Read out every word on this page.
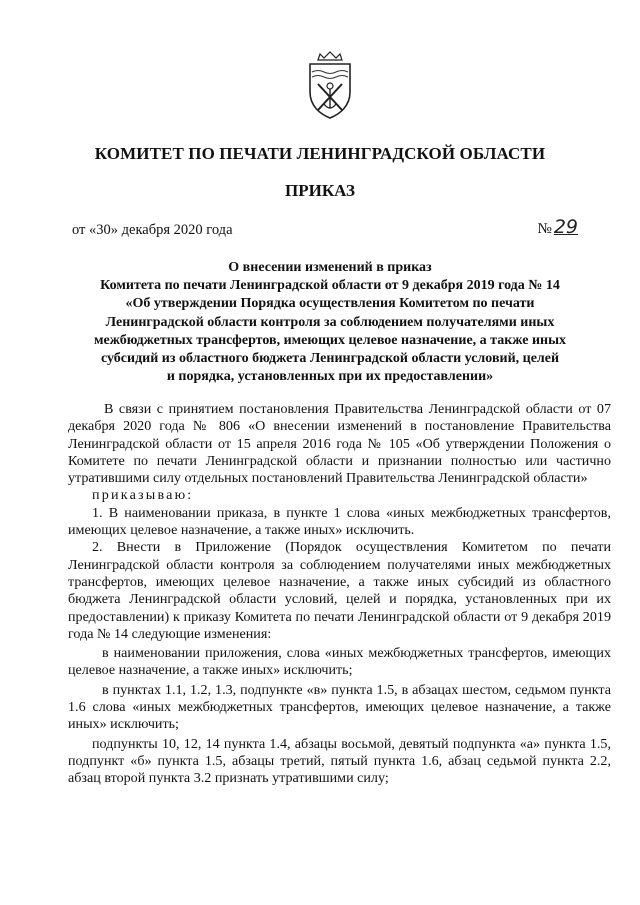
КОМИТЕТ ПО ПЕЧАТИ ЛЕНИНГРАДСКОЙ ОБЛАСТИ
ПРИКАЗ
от «30» декабря 2020 года	№ 29
О внесении изменений в приказ
Комитета по печати Ленинградской области от 9 декабря 2019 года № 14
«Об утверждении Порядка осуществления Комитетом по печати
Ленинградской области контроля за соблюдением получателями иных
межбюджетных трансфертов, имеющих целевое назначение, а также иных
субсидий из областного бюджета Ленинградской области условий, целей
и порядка, установленных при их предоставлении»

В связи с принятием постановления Правительства Ленинградской области от 07 декабря 2020 года № 806 «О внесении изменений в постановление Правительства Ленинградской области от 15 апреля 2016 года № 105 «Об утверждении Положения о Комитете по печати Ленинградской области и признании полностью или частично утратившими силу отдельных постановлений Правительства Ленинградской области»

приказываю:

1. В наименовании приказа, в пункте 1 слова «иных межбюджетных трансфертов, имеющих целевое назначение, а также иных» исключить.

2. Внести в Приложение (Порядок осуществления Комитетом по печати Ленинградской области контроля за соблюдением получателями иных межбюджетных трансфертов, имеющих целевое назначение, а также иных субсидий из областного бюджета Ленинградской области условий, целей и порядка, установленных при их предоставлении) к приказу Комитета по печати Ленинградской области от 9 декабря 2019 года № 14 следующие изменения:

в наименовании приложения, слова «иных межбюджетных трансфертов, имеющих целевое назначение, а также иных» исключить;

в пунктах 1.1, 1.2, 1.3, подпункте «в» пункта 1.5, в абзацах шестом, седьмом пункта 1.6 слова «иных межбюджетных трансфертов, имеющих целевое назначение, а также иных» исключить;

подпункты 10, 12, 14 пункта 1.4, абзацы восьмой, девятый подпункта «а» пункта 1.5, подпункт «б» пункта 1.5, абзацы третий, пятый пункта 1.6, абзац седьмой пункта 2.2, абзац второй пункта 3.2 признать утратившими силу;
